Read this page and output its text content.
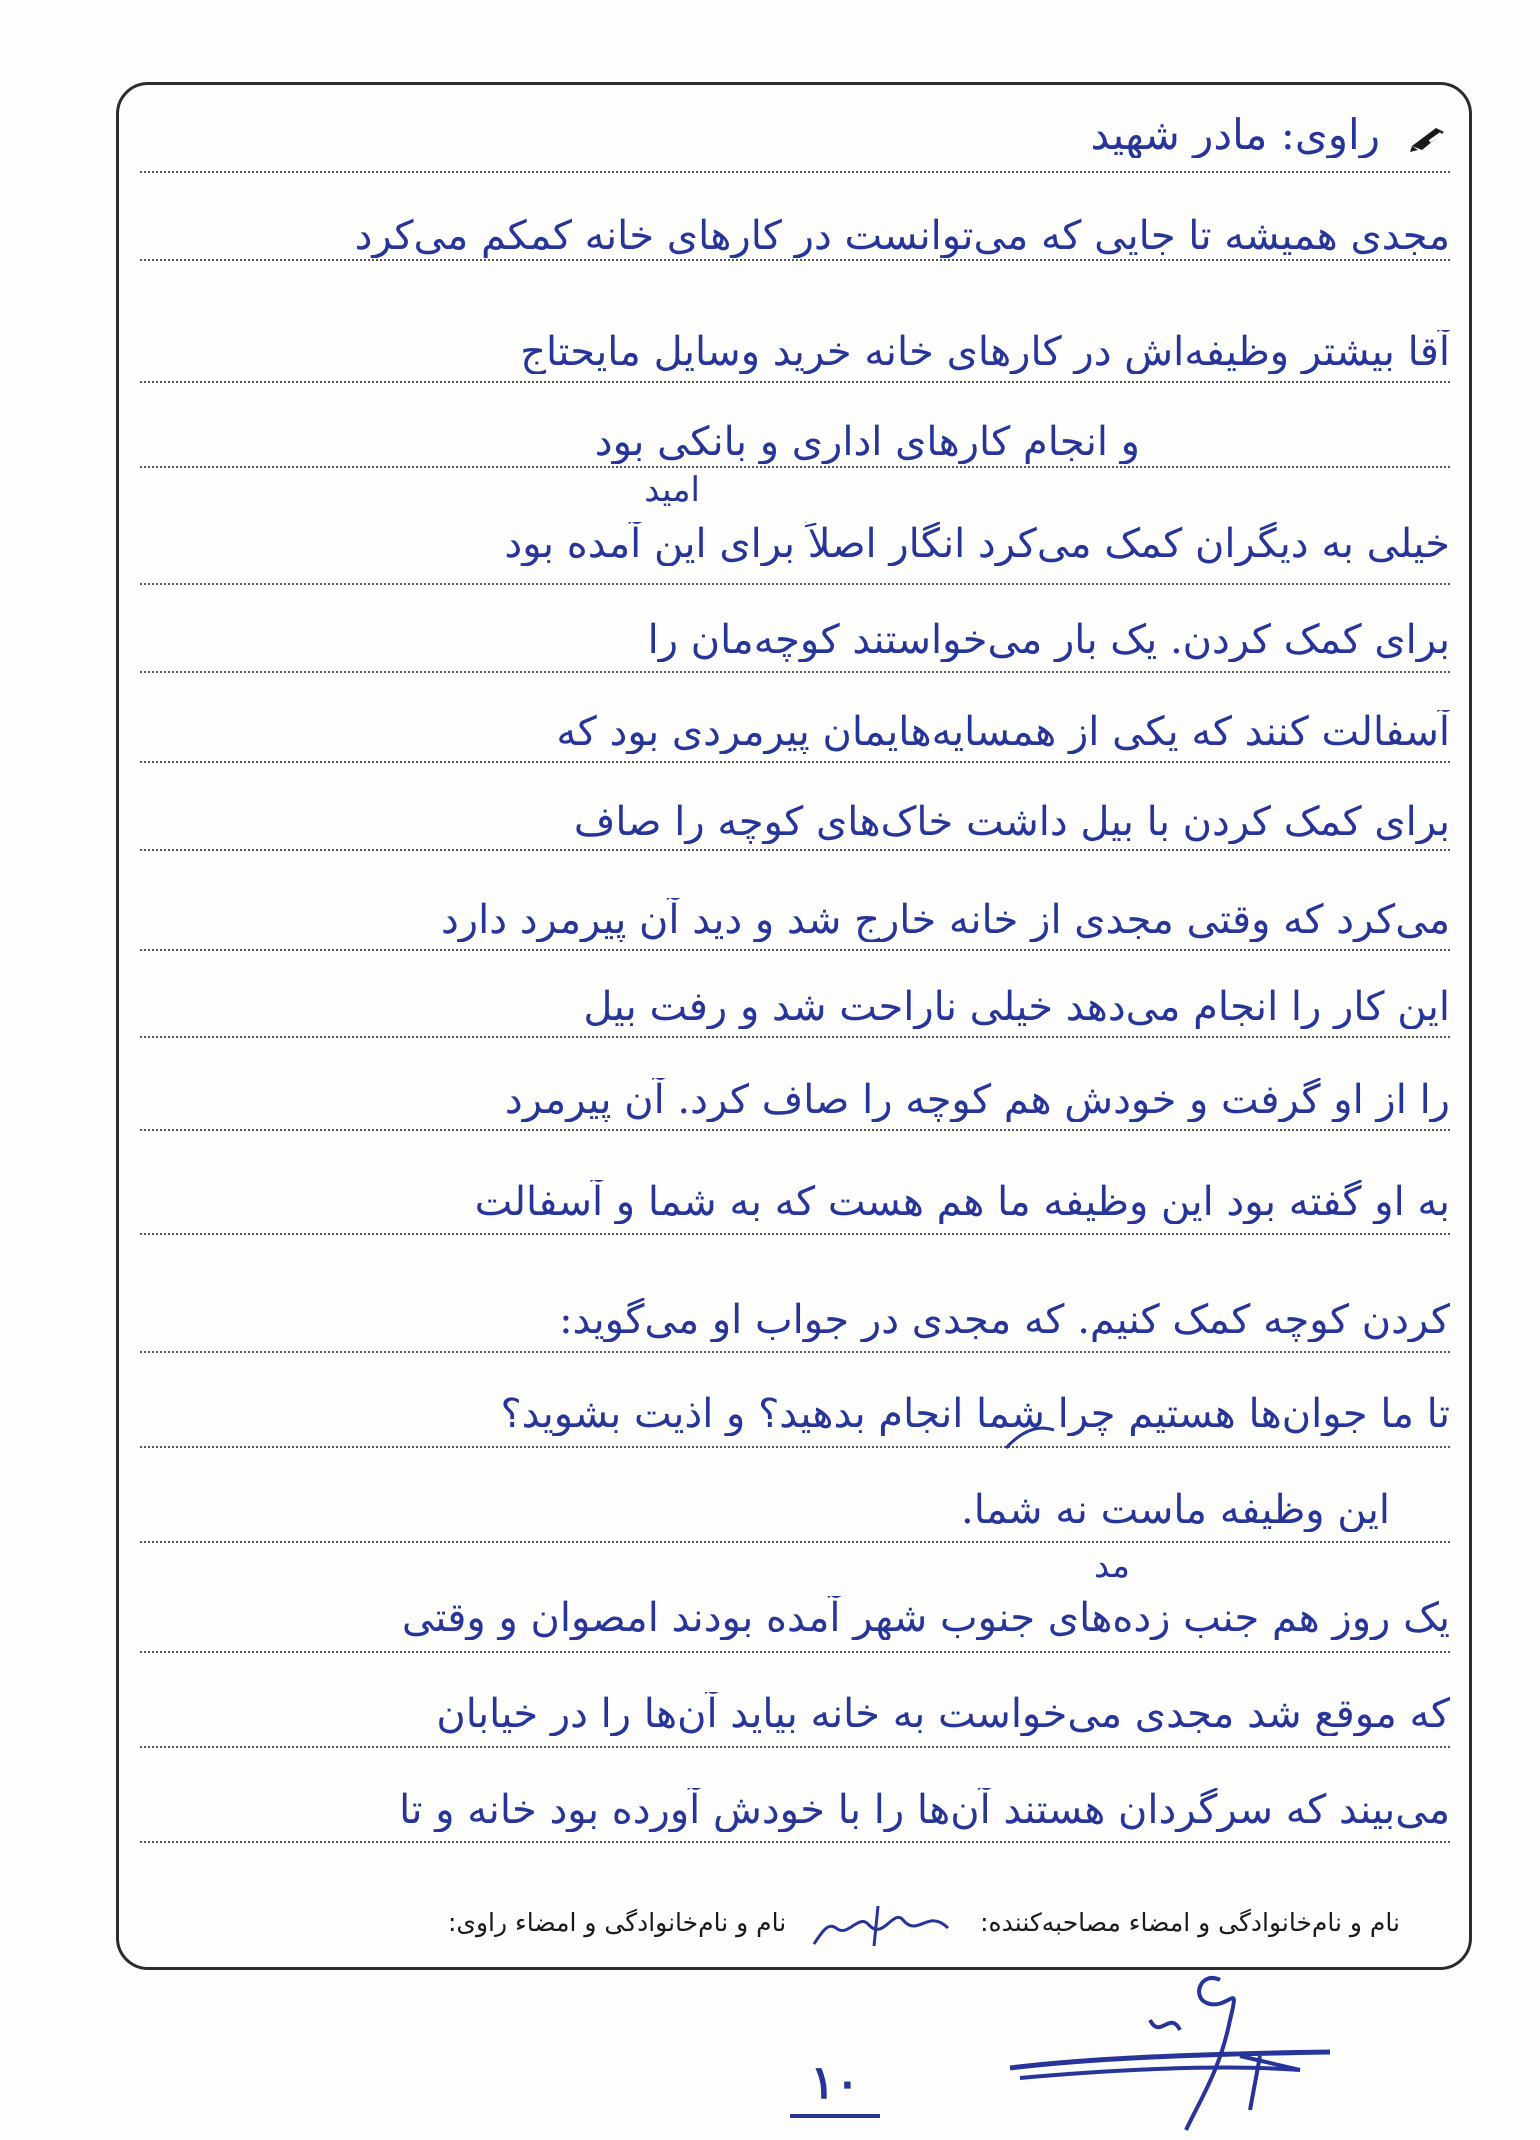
راوی: مادر شهید
مجدی همیشه تا جایی که می‌توانست در کارهای خانه کمکم می‌کرد
آقا بیشتر وظیفه‌اش در کارهای خانه خرید وسایل مایحتاج
و انجام کارهای اداری و بانکی بود
امید
خیلی به دیگران کمک می‌کرد انگار اصلاً برای این آمده بود
برای کمک کردن. یک بار می‌خواستند کوچه‌مان را
آسفالت کنند که یکی از همسایه‌هایمان پیرمردی بود که
برای کمک کردن با بیل داشت خاک‌های کوچه را صاف
می‌کرد که وقتی مجدی از خانه خارج شد و دید آن پیرمرد دارد
این کار را انجام می‌دهد خیلی ناراحت شد و رفت بیل
را از او گرفت و خودش هم کوچه را صاف کرد. آن پیرمرد
به او گفته بود این وظیفه ما هم هست که به شما و آسفالت
کردن کوچه کمک کنیم. که مجدی در جواب او می‌گوید:
تا ما جوان‌ها هستیم چرا شما انجام بدهید؟ و اذیت بشوید؟
این وظیفه ماست نه شما.
مد
یک روز هم جنب زده‌های جنوب شهر آمده بودند امصوان و وقتی
که موقع شد مجدی می‌خواست به خانه بیاید آن‌ها را در خیابان
می‌بیند که سرگردان هستند آن‌ها را با خودش آورده بود خانه و تا
نام و نام‌خانوادگی و امضاء مصاحبه‌کننده:  نام و نام‌خانوادگی و امضاء راوی:
۱۰
